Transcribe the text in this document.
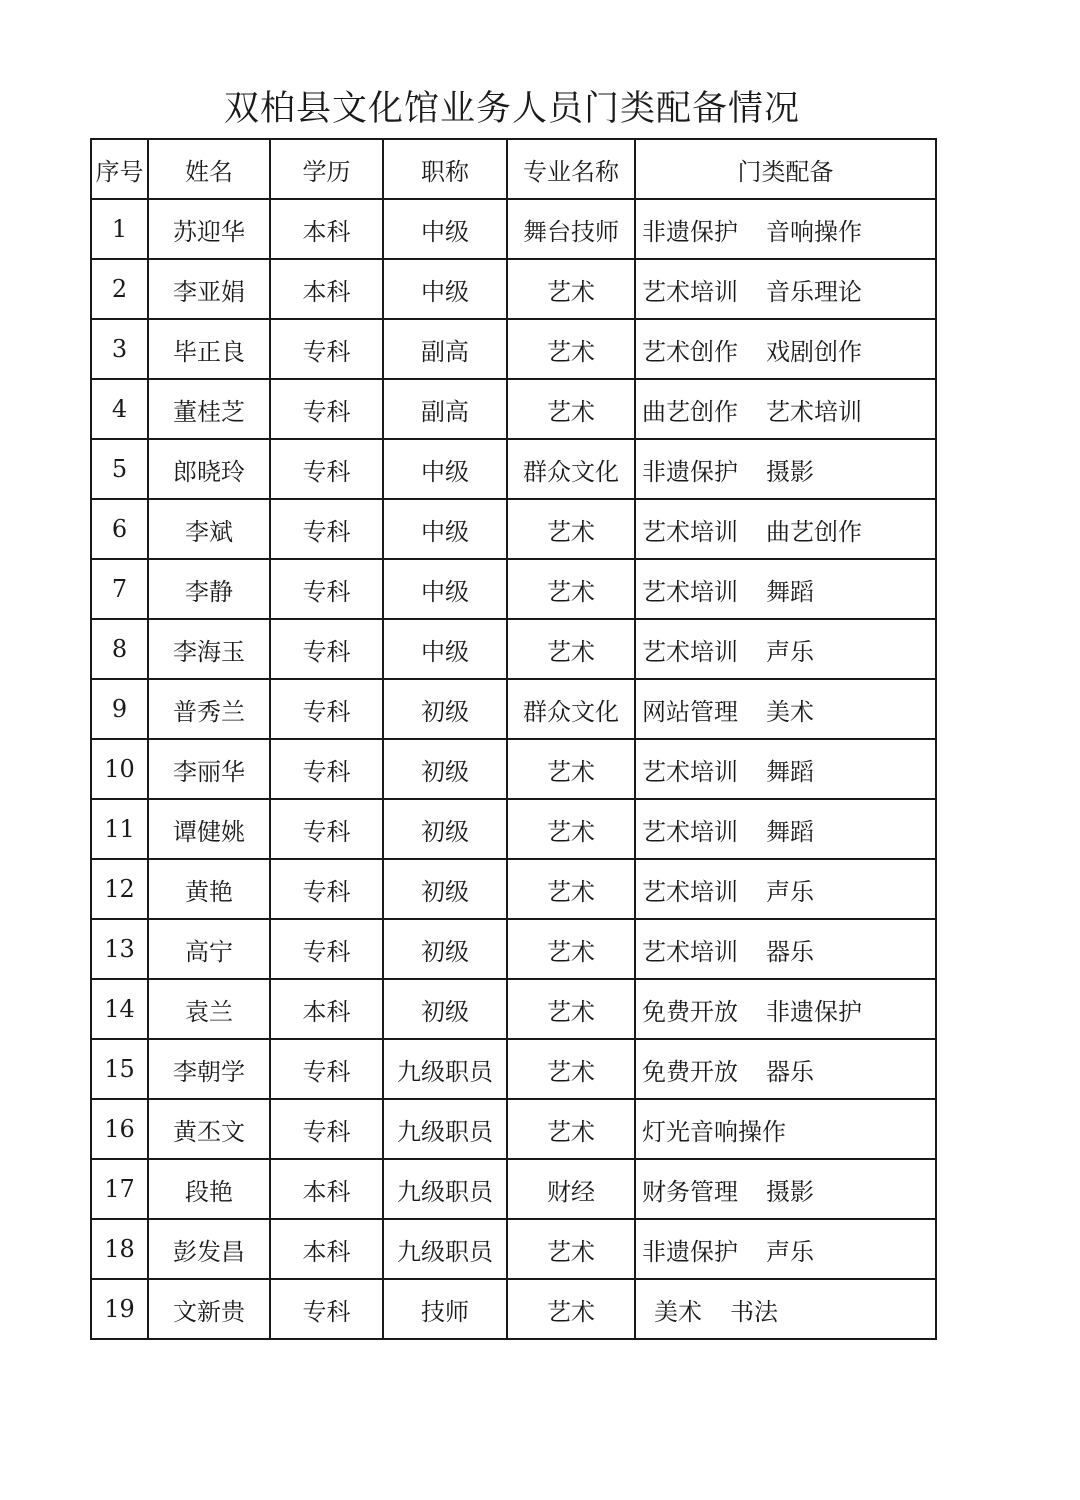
双柏县文化馆业务人员门类配备情况
序号	姓名	学历	职称	专业名称	门类配备
1	苏迎华	本科	中级	舞台技师	非遗保护 音响操作
2	李亚娟	本科	中级	艺术	艺术培训 音乐理论
3	毕正良	专科	副高	艺术	艺术创作 戏剧创作
4	董桂芝	专科	副高	艺术	曲艺创作 艺术培训
5	郎晓玲	专科	中级	群众文化	非遗保护 摄影
6	李斌	专科	中级	艺术	艺术培训 曲艺创作
7	李静	专科	中级	艺术	艺术培训 舞蹈
8	李海玉	专科	中级	艺术	艺术培训 声乐
9	普秀兰	专科	初级	群众文化	网站管理 美术
10	李丽华	专科	初级	艺术	艺术培训 舞蹈
11	谭健姚	专科	初级	艺术	艺术培训 舞蹈
12	黄艳	专科	初级	艺术	艺术培训 声乐
13	高宁	专科	初级	艺术	艺术培训 器乐
14	袁兰	本科	初级	艺术	免费开放 非遗保护
15	李朝学	专科	九级职员	艺术	免费开放 器乐
16	黄丕文	专科	九级职员	艺术	灯光音响操作
17	段艳	本科	九级职员	财经	财务管理 摄影
18	彭发昌	本科	九级职员	艺术	非遗保护 声乐
19	文新贵	专科	技师	艺术	美术 书法
